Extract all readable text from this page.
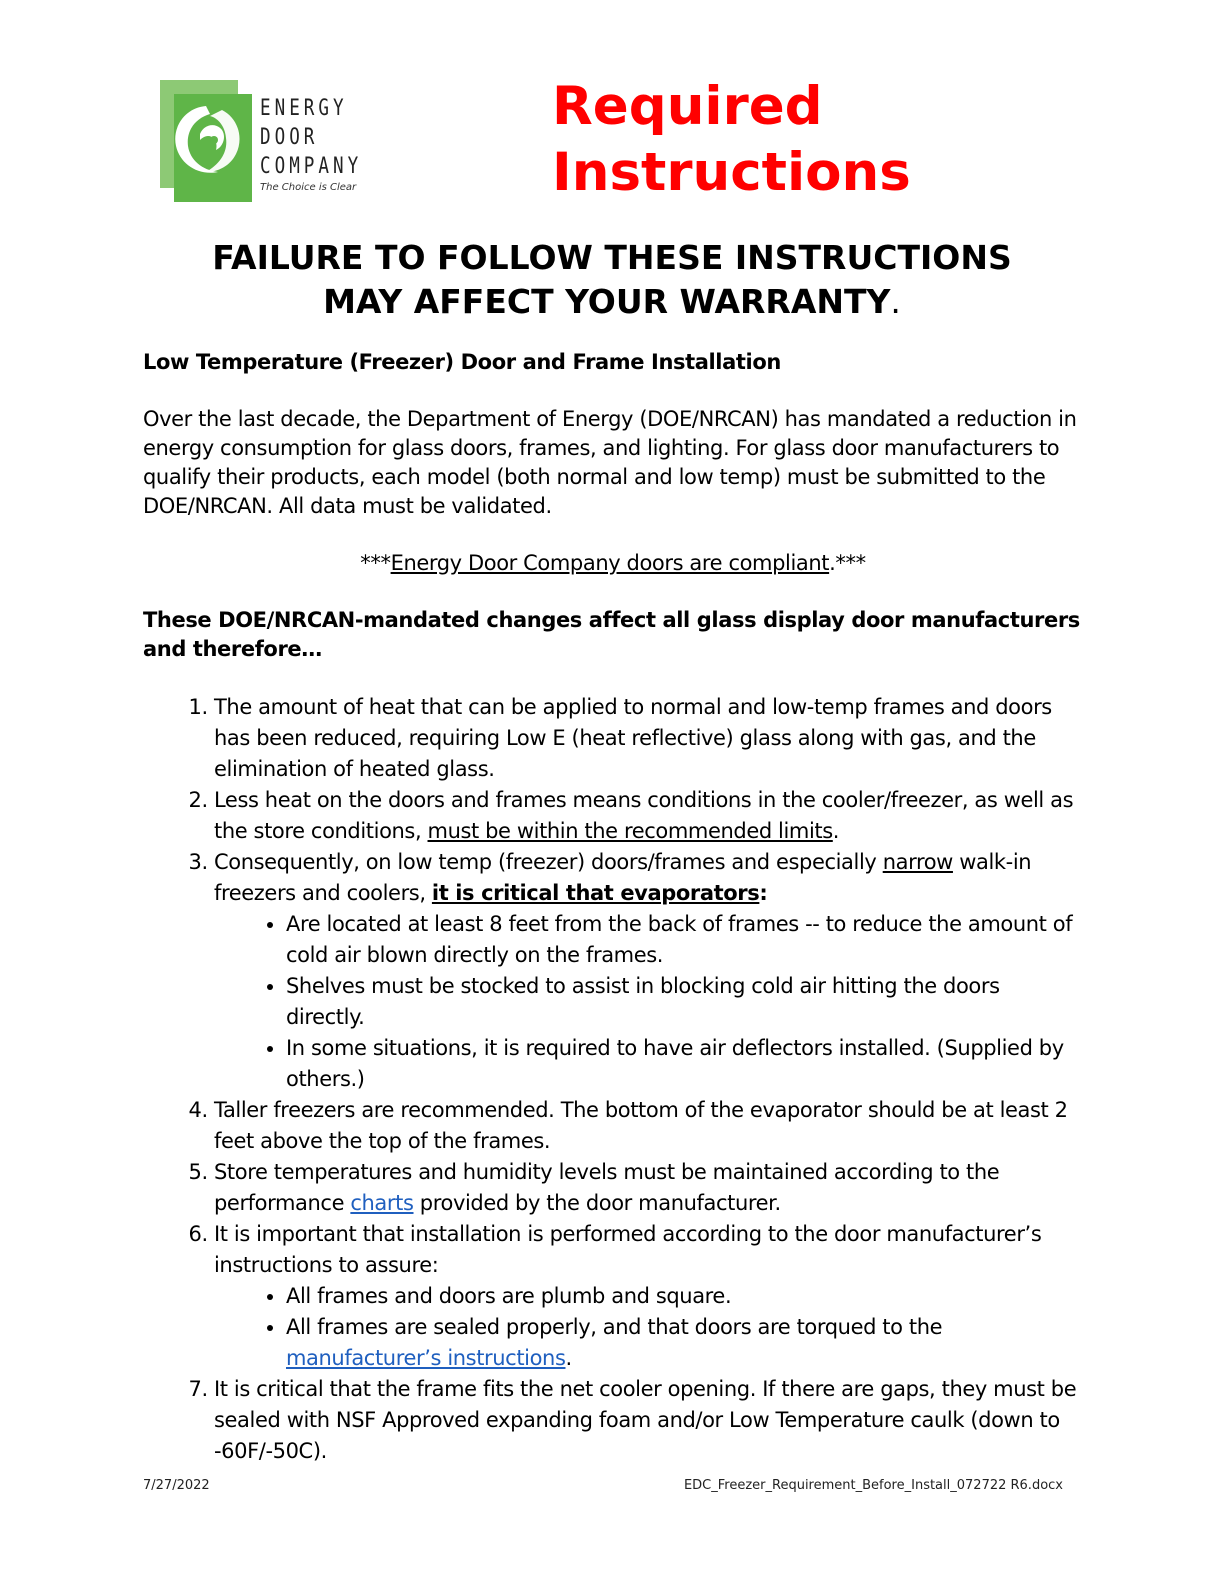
ENERGY
DOOR
COMPANY
The Choice is Clear
Required
Instructions
FAILURE TO FOLLOW THESE INSTRUCTIONS
MAY AFFECT YOUR WARRANTY.

Low Temperature (Freezer) Door and Frame Installation

Over the last decade, the Department of Energy (DOE/NRCAN) has mandated a reduction in energy consumption for glass doors, frames, and lighting. For glass door manufacturers to qualify their products, each model (both normal and low temp) must be submitted to the DOE/NRCAN. All data must be validated.

***Energy Door Company doors are compliant.***

These DOE/NRCAN-mandated changes affect all glass display door manufacturers and therefore…

1. The amount of heat that can be applied to normal and low-temp frames and doors has been reduced, requiring Low E (heat reflective) glass along with gas, and the elimination of heated glass.
2. Less heat on the doors and frames means conditions in the cooler/freezer, as well as the store conditions, must be within the recommended limits.
3. Consequently, on low temp (freezer) doors/frames and especially narrow walk-in freezers and coolers, it is critical that evaporators:
• Are located at least 8 feet from the back of frames -- to reduce the amount of cold air blown directly on the frames.
• Shelves must be stocked to assist in blocking cold air hitting the doors directly.
• In some situations, it is required to have air deflectors installed. (Supplied by others.)
4. Taller freezers are recommended. The bottom of the evaporator should be at least 2 feet above the top of the frames.
5. Store temperatures and humidity levels must be maintained according to the performance charts provided by the door manufacturer.
6. It is important that installation is performed according to the door manufacturer’s instructions to assure:
• All frames and doors are plumb and square.
• All frames are sealed properly, and that doors are torqued to the manufacturer’s instructions.
7. It is critical that the frame fits the net cooler opening. If there are gaps, they must be sealed with NSF Approved expanding foam and/or Low Temperature caulk (down to -60F/-50C).
7/27/2022	EDC_Freezer_Requirement_Before_Install_072722 R6.docx
